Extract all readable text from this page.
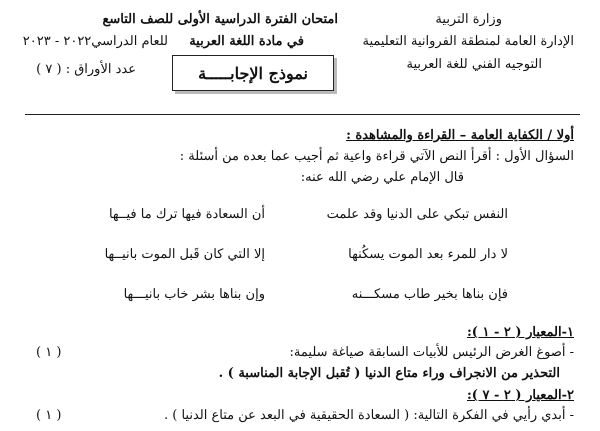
وزارة التربية
الإدارة العامة لمنطقة الفروانية التعليمية
التوجيه الفني للغة العربية
امتحان الفترة الدراسية الأولى للصف التاسع
في مادة اللغة العربية
للعام الدراسي٢٠٢٢ - ٢٠٢٣
عدد الأوراق : ( ٧ )	نموذج الإجابـــــة
أولا / الكفاية العامة – القراءة والمشاهدة :
السؤال الأول : أقرأ النص الآتي قراءة واعية ثم أجيب عما بعده من أسئلة :
قال الإمام علي رضي الله عنه:
النفس تبكي على الدنيا وقد علمت
أن السعادة فيها ترك ما فيــها
لا دار للمرء بعد الموت يسكُنها
إلا التي كان قَبل الموت بانيــها
فإن بناها بخير طاب مسكـــنه
وإن بناها بشر خاب بانيـــها
١-المعيار ( ٢ - ١ ):
- أصوغ الغرض الرئيس للأبيات السابقة صياغة سليمة:
( ١ )
التحذير من الانجراف وراء متاع الدنيا ( تُقبل الإجابة المناسبة ) .
٢-المعيار ( ٢ - ٧ ):
- أبدي رأيي في الفكرة التالية: ( السعادة الحقيقية في البعد عن متاع الدنيا ) .
( ١ )
